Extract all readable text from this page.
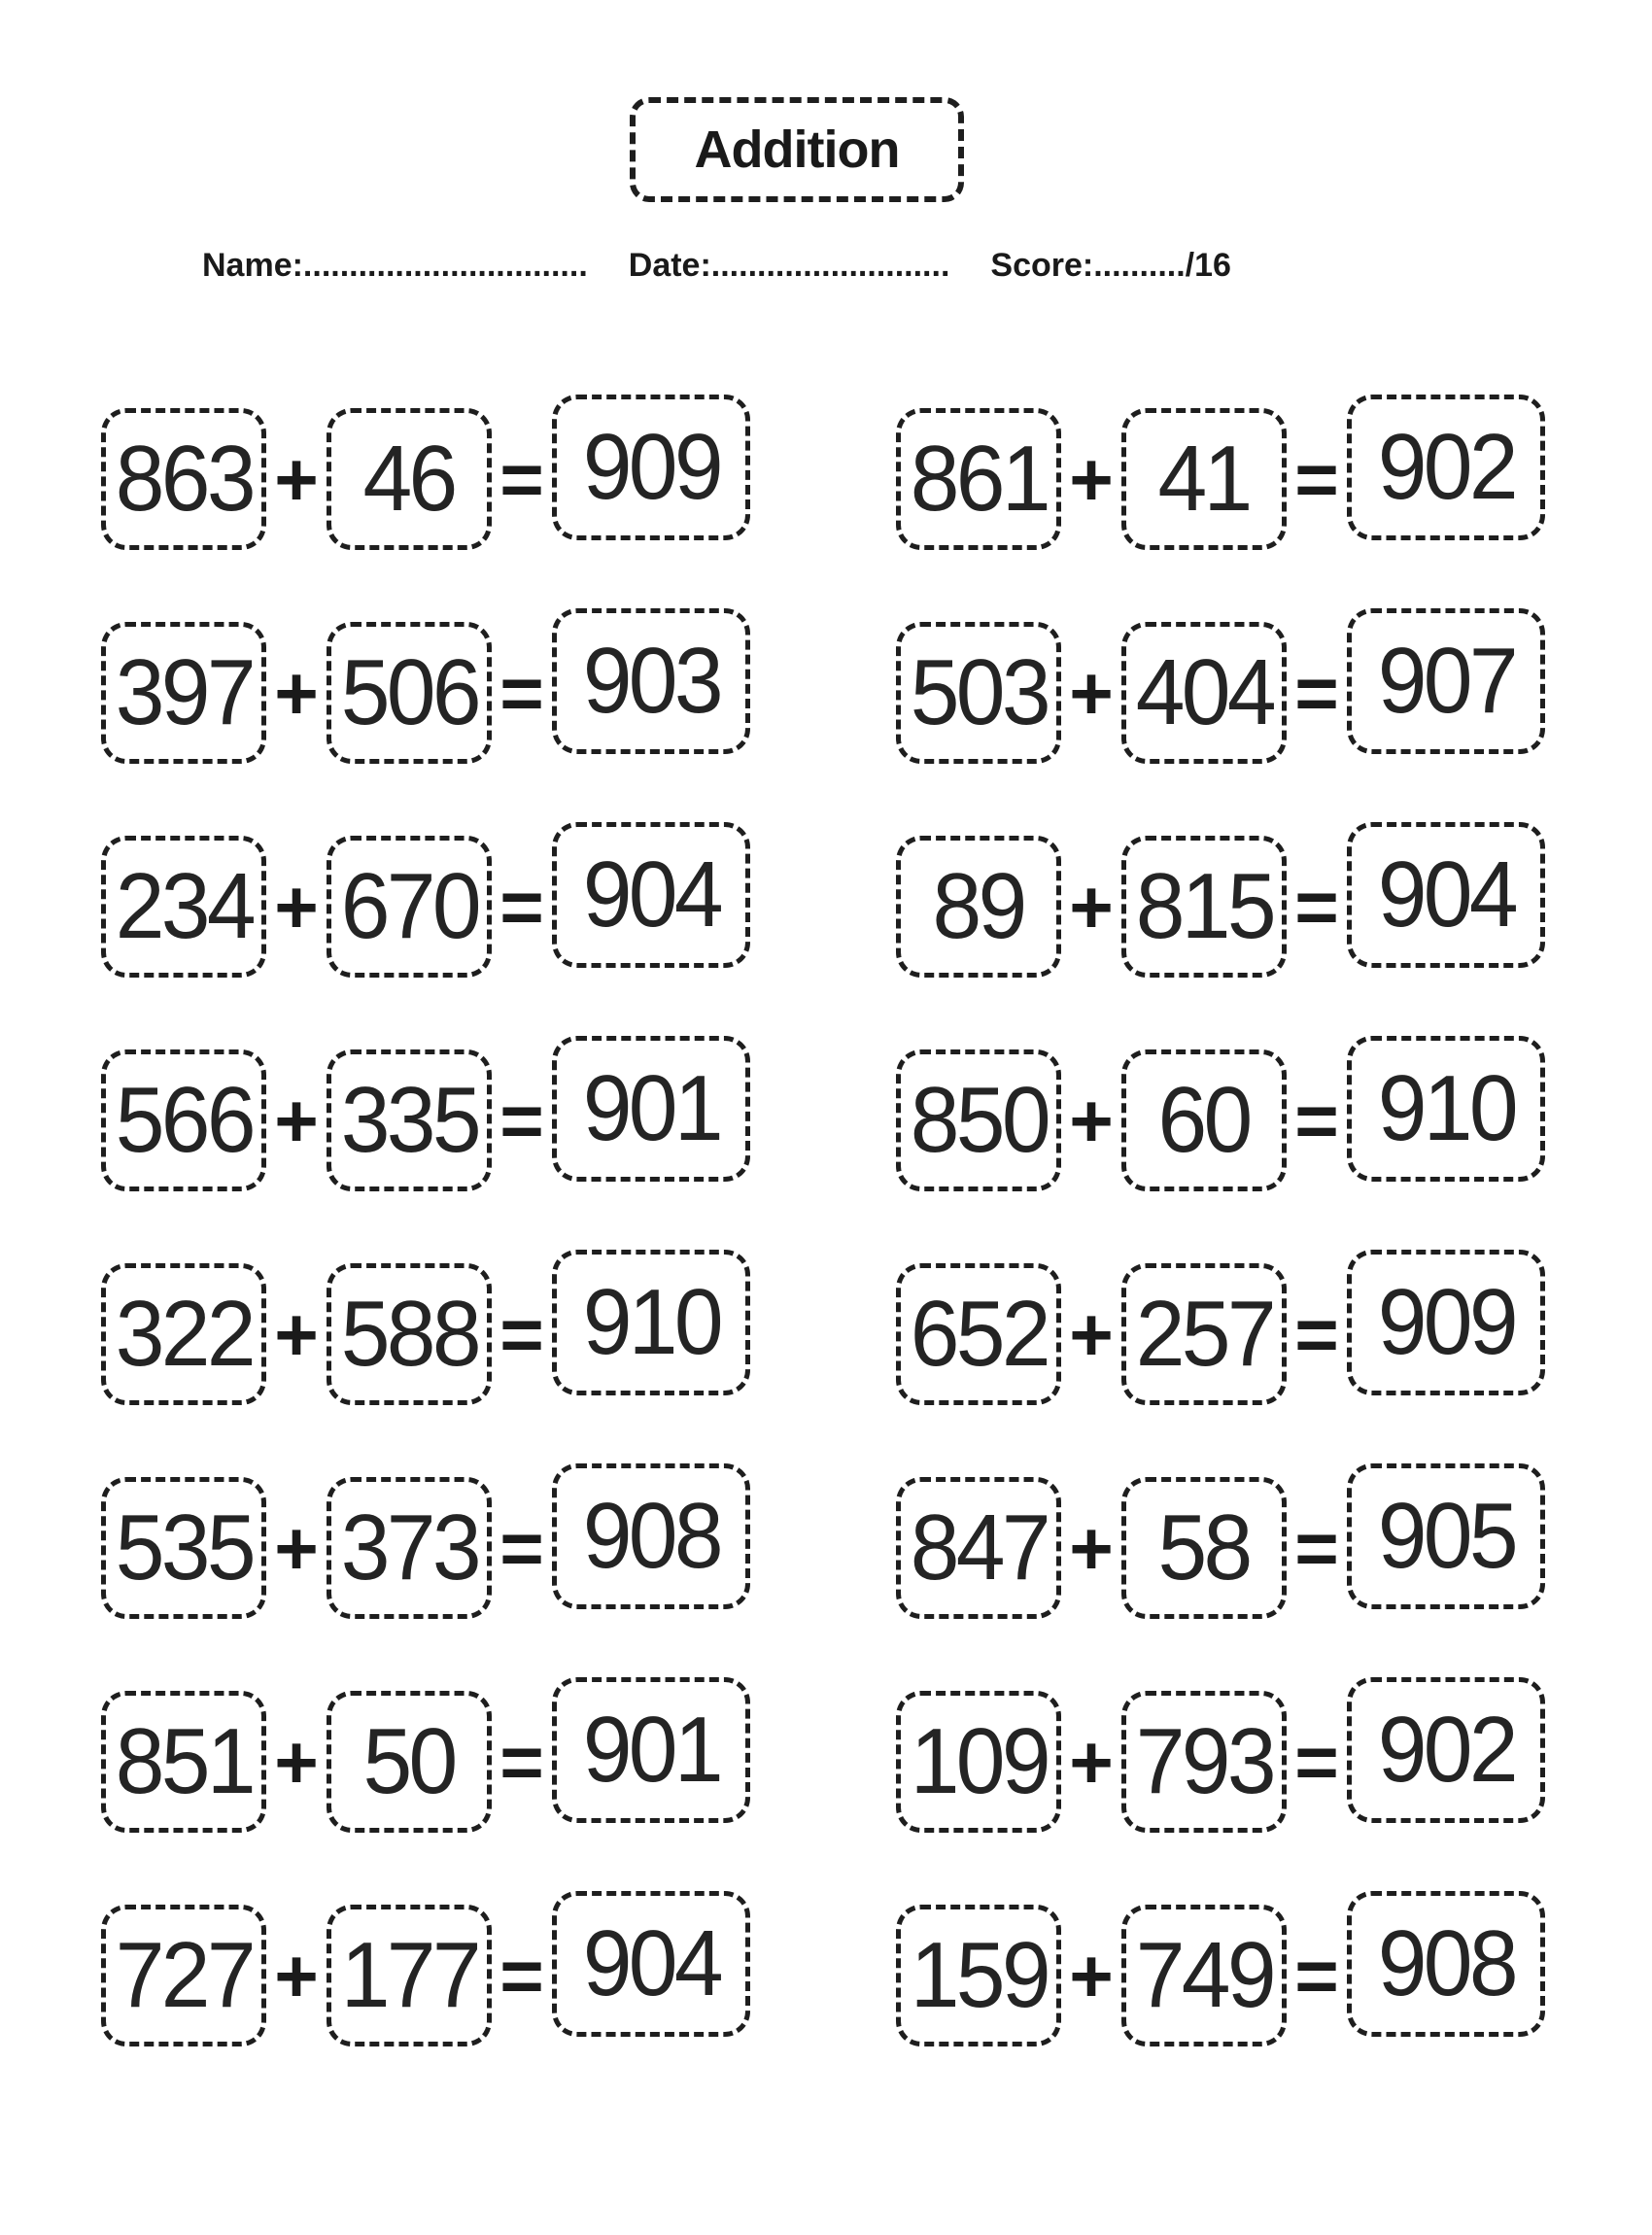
Addition
Name:............................... Date:.......................... Score:........../16
863 + 46 = 909 861 + 41 = 902
397 + 506 = 903 503 + 404 = 907
234 + 670 = 904 89 + 815 = 904
566 + 335 = 901 850 + 60 = 910
322 + 588 = 910 652 + 257 = 909
535 + 373 = 908 847 + 58 = 905
851 + 50 = 901 109 + 793 = 902
727 + 177 = 904 159 + 749 = 908
